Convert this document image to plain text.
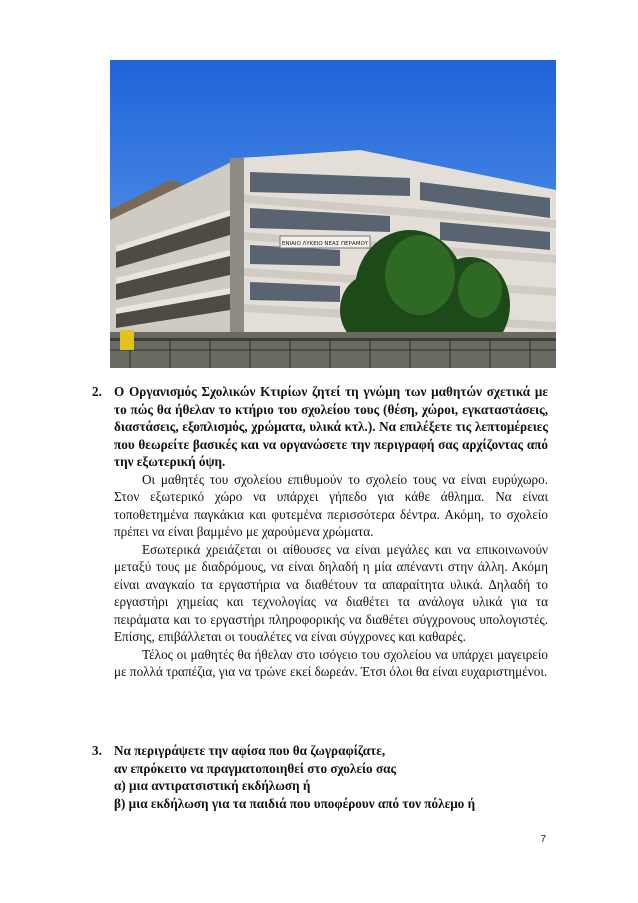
ΕΝΙΑΙΟ ΛΥΚΕΙΟ ΝΕΑΣ ΠΕΡΑΜΟΥ
2. Ο Οργανισμός Σχολικών Κτιρίων ζητεί τη γνώμη των μαθητών σχετικά με το πώς θα ήθελαν το κτήριο του σχολείου τους (θέση, χώροι, εγκαταστάσεις, διαστάσεις, εξοπλισμός, χρώματα, υλικά κτλ.). Να επιλέξετε τις λεπτομέρειες που θεωρείτε βασικές και να οργανώσετε την περιγραφή σας αρχίζοντας από την εξωτερική όψη.

Οι μαθητές του σχολείου επιθυμούν το σχολείο τους να είναι ευρύχωρο. Στον εξωτερικό χώρο να υπάρχει γήπεδο για κάθε άθλημα. Να είναι τοποθετημένα παγκάκια και φυτεμένα περισσότερα δέντρα. Ακόμη, το σχολείο πρέπει να είναι βαμμένο με χαρούμενα χρώματα.

Εσωτερικά χρειάζεται οι αίθουσες να είναι μεγάλες και να επικοινωνούν μεταξύ τους με διαδρόμους, να είναι δηλαδή η μία απέναντι στην άλλη. Ακόμη είναι αναγκαίο τα εργαστήρια να διαθέτουν τα απαραίτητα υλικά. Δηλαδή το εργαστήρι χημείας και τεχνολογίας να διαθέτει τα ανάλογα υλικά για τα πειράματα και το εργαστήρι πληροφορικής να διαθέτει σύγχρονους υπολογιστές. Επίσης, επιβάλλεται οι τουαλέτες να είναι σύγχρονες και καθαρές.

Τέλος οι μαθητές θα ήθελαν στο ισόγειο του σχολείου να υπάρχει μαγειρείο με πολλά τραπέζια, για να τρώνε εκεί δωρεάν. Έτσι όλοι θα είναι ευχαριστημένοι.

3. Να περιγράψετε την αφίσα που θα ζωγραφίζατε,
αν επρόκειτο να πραγματοποιηθεί στο σχολείο σας
α) μια αντιρατσιστική εκδήλωση ή
β) μια εκδήλωση για τα παιδιά που υποφέρουν από τον πόλεμο ή
7
